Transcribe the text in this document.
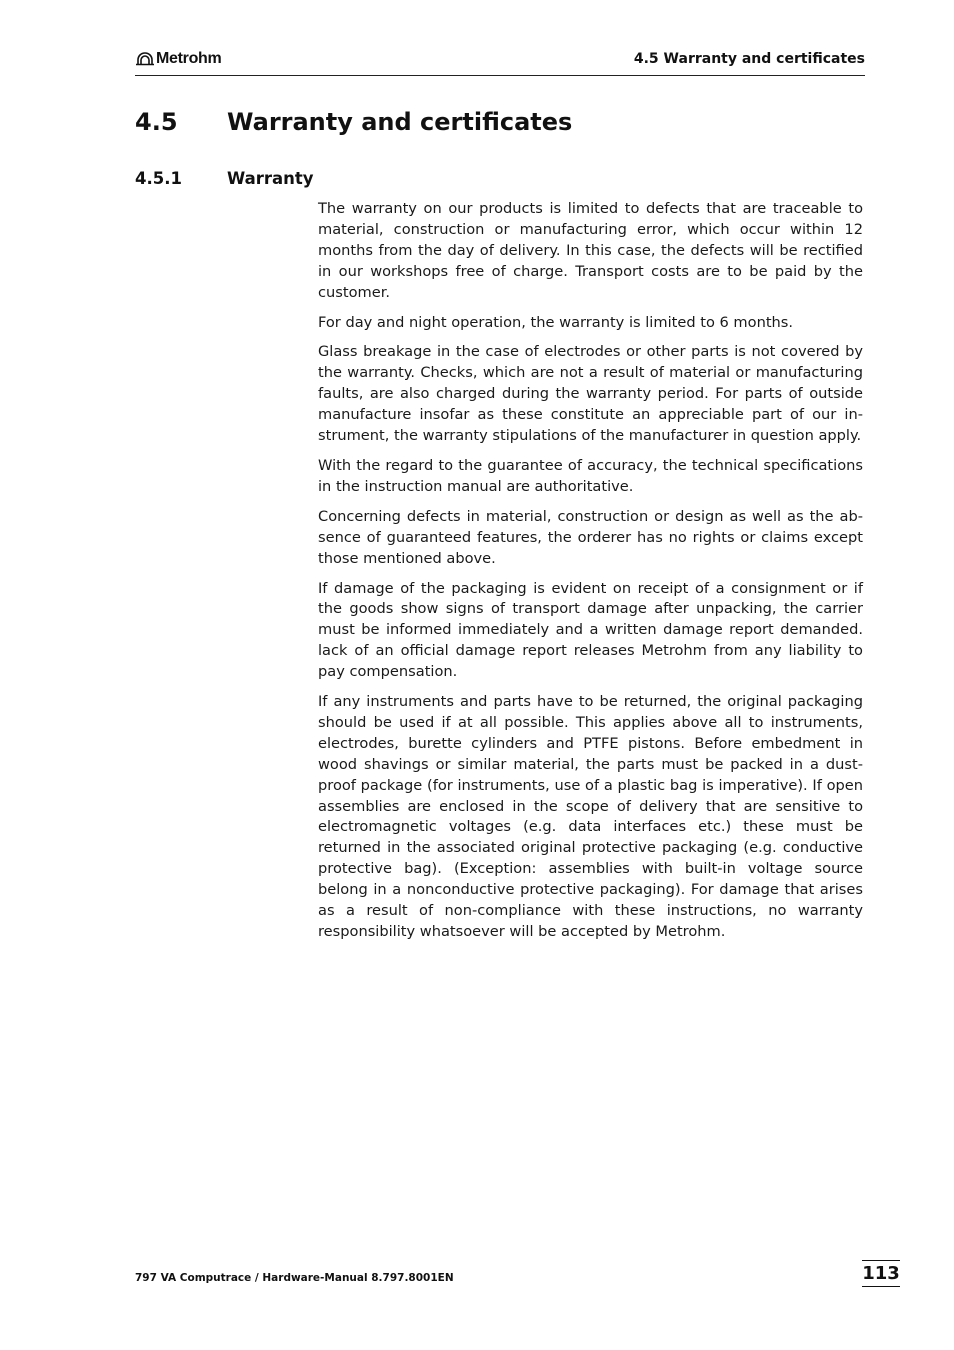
Metrohm	4.5 Warranty and certificates
4.5 Warranty and certificates
4.5.1	Warranty

The warranty on our products is limited to defects that are traceable to material, construction or manufacturing error, which occur within 12 months from the day of delivery. In this case, the defects will be rectified in our workshops free of charge. Transport costs are to be paid by the customer.

For day and night operation, the warranty is limited to 6 months.

Glass breakage in the case of electrodes or other parts is not covered by the warranty. Checks, which are not a result of material or manufacturing faults, are also charged during the warranty period. For parts of outside manufacture insofar as these constitute an appreciable part of our instrument, the warranty stipulations of the manufacturer in question apply.

With the regard to the guarantee of accuracy, the technical specifications in the instruction manual are authoritative.

Concerning defects in material, construction or design as well as the absence of guaranteed features, the orderer has no rights or claims except those mentioned above.

If damage of the packaging is evident on receipt of a consignment or if the goods show signs of transport damage after unpacking, the carrier must be informed immediately and a written damage report demanded. lack of an official damage report releases Metrohm from any liability to pay compensation.

If any instruments and parts have to be returned, the original packaging should be used if at all possible. This applies above all to instruments, electrodes, burette cylinders and PTFE pistons. Before embedment in wood shavings or similar material, the parts must be packed in a dustproof package (for instruments, use of a plastic bag is imperative). If open assemblies are enclosed in the scope of delivery that are sensitive to electromagnetic voltages (e.g. data interfaces etc.) these must be returned in the associated original protective packaging (e.g. conductive protective bag). (Exception: assemblies with built-in voltage source belong in a nonconductive protective packaging). For damage that arises as a result of non-compliance with these instructions, no warranty responsibility whatsoever will be accepted by Metrohm.

797 VA Computrace / Hardware-Manual 8.797.8001EN	113
